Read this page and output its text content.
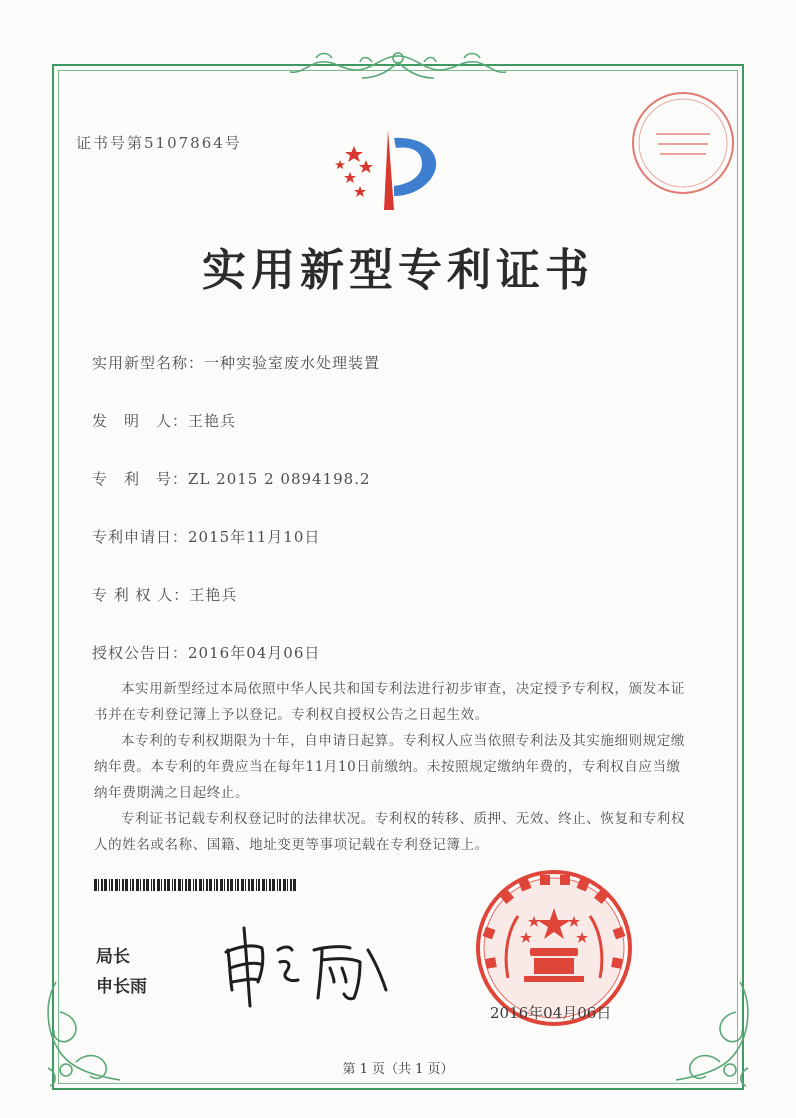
证书号第5107864号
实用新型专利证书
实用新型名称：一种实验室废水处理装置
发　明　人：王艳兵
专　利　号：ZL 2015 2 0894198.2
专利申请日：2015年11月10日
专 利 权 人：王艳兵
授权公告日：2016年04月06日

本实用新型经过本局依照中华人民共和国专利法进行初步审查，决定授予专利权，颁发本证书并在专利登记簿上予以登记。专利权自授权公告之日起生效。

本专利的专利权期限为十年，自申请日起算。专利权人应当依照专利法及其实施细则规定缴纳年费。本专利的年费应当在每年11月10日前缴纳。未按照规定缴纳年费的，专利权自应当缴纳年费期满之日起终止。

专利证书记载专利权登记时的法律状况。专利权的转移、质押、无效、终止、恢复和专利权人的姓名或名称、国籍、地址变更等事项记载在专利登记簿上。

局长
申长雨
2016年04月06日
第 1 页（共 1 页）
